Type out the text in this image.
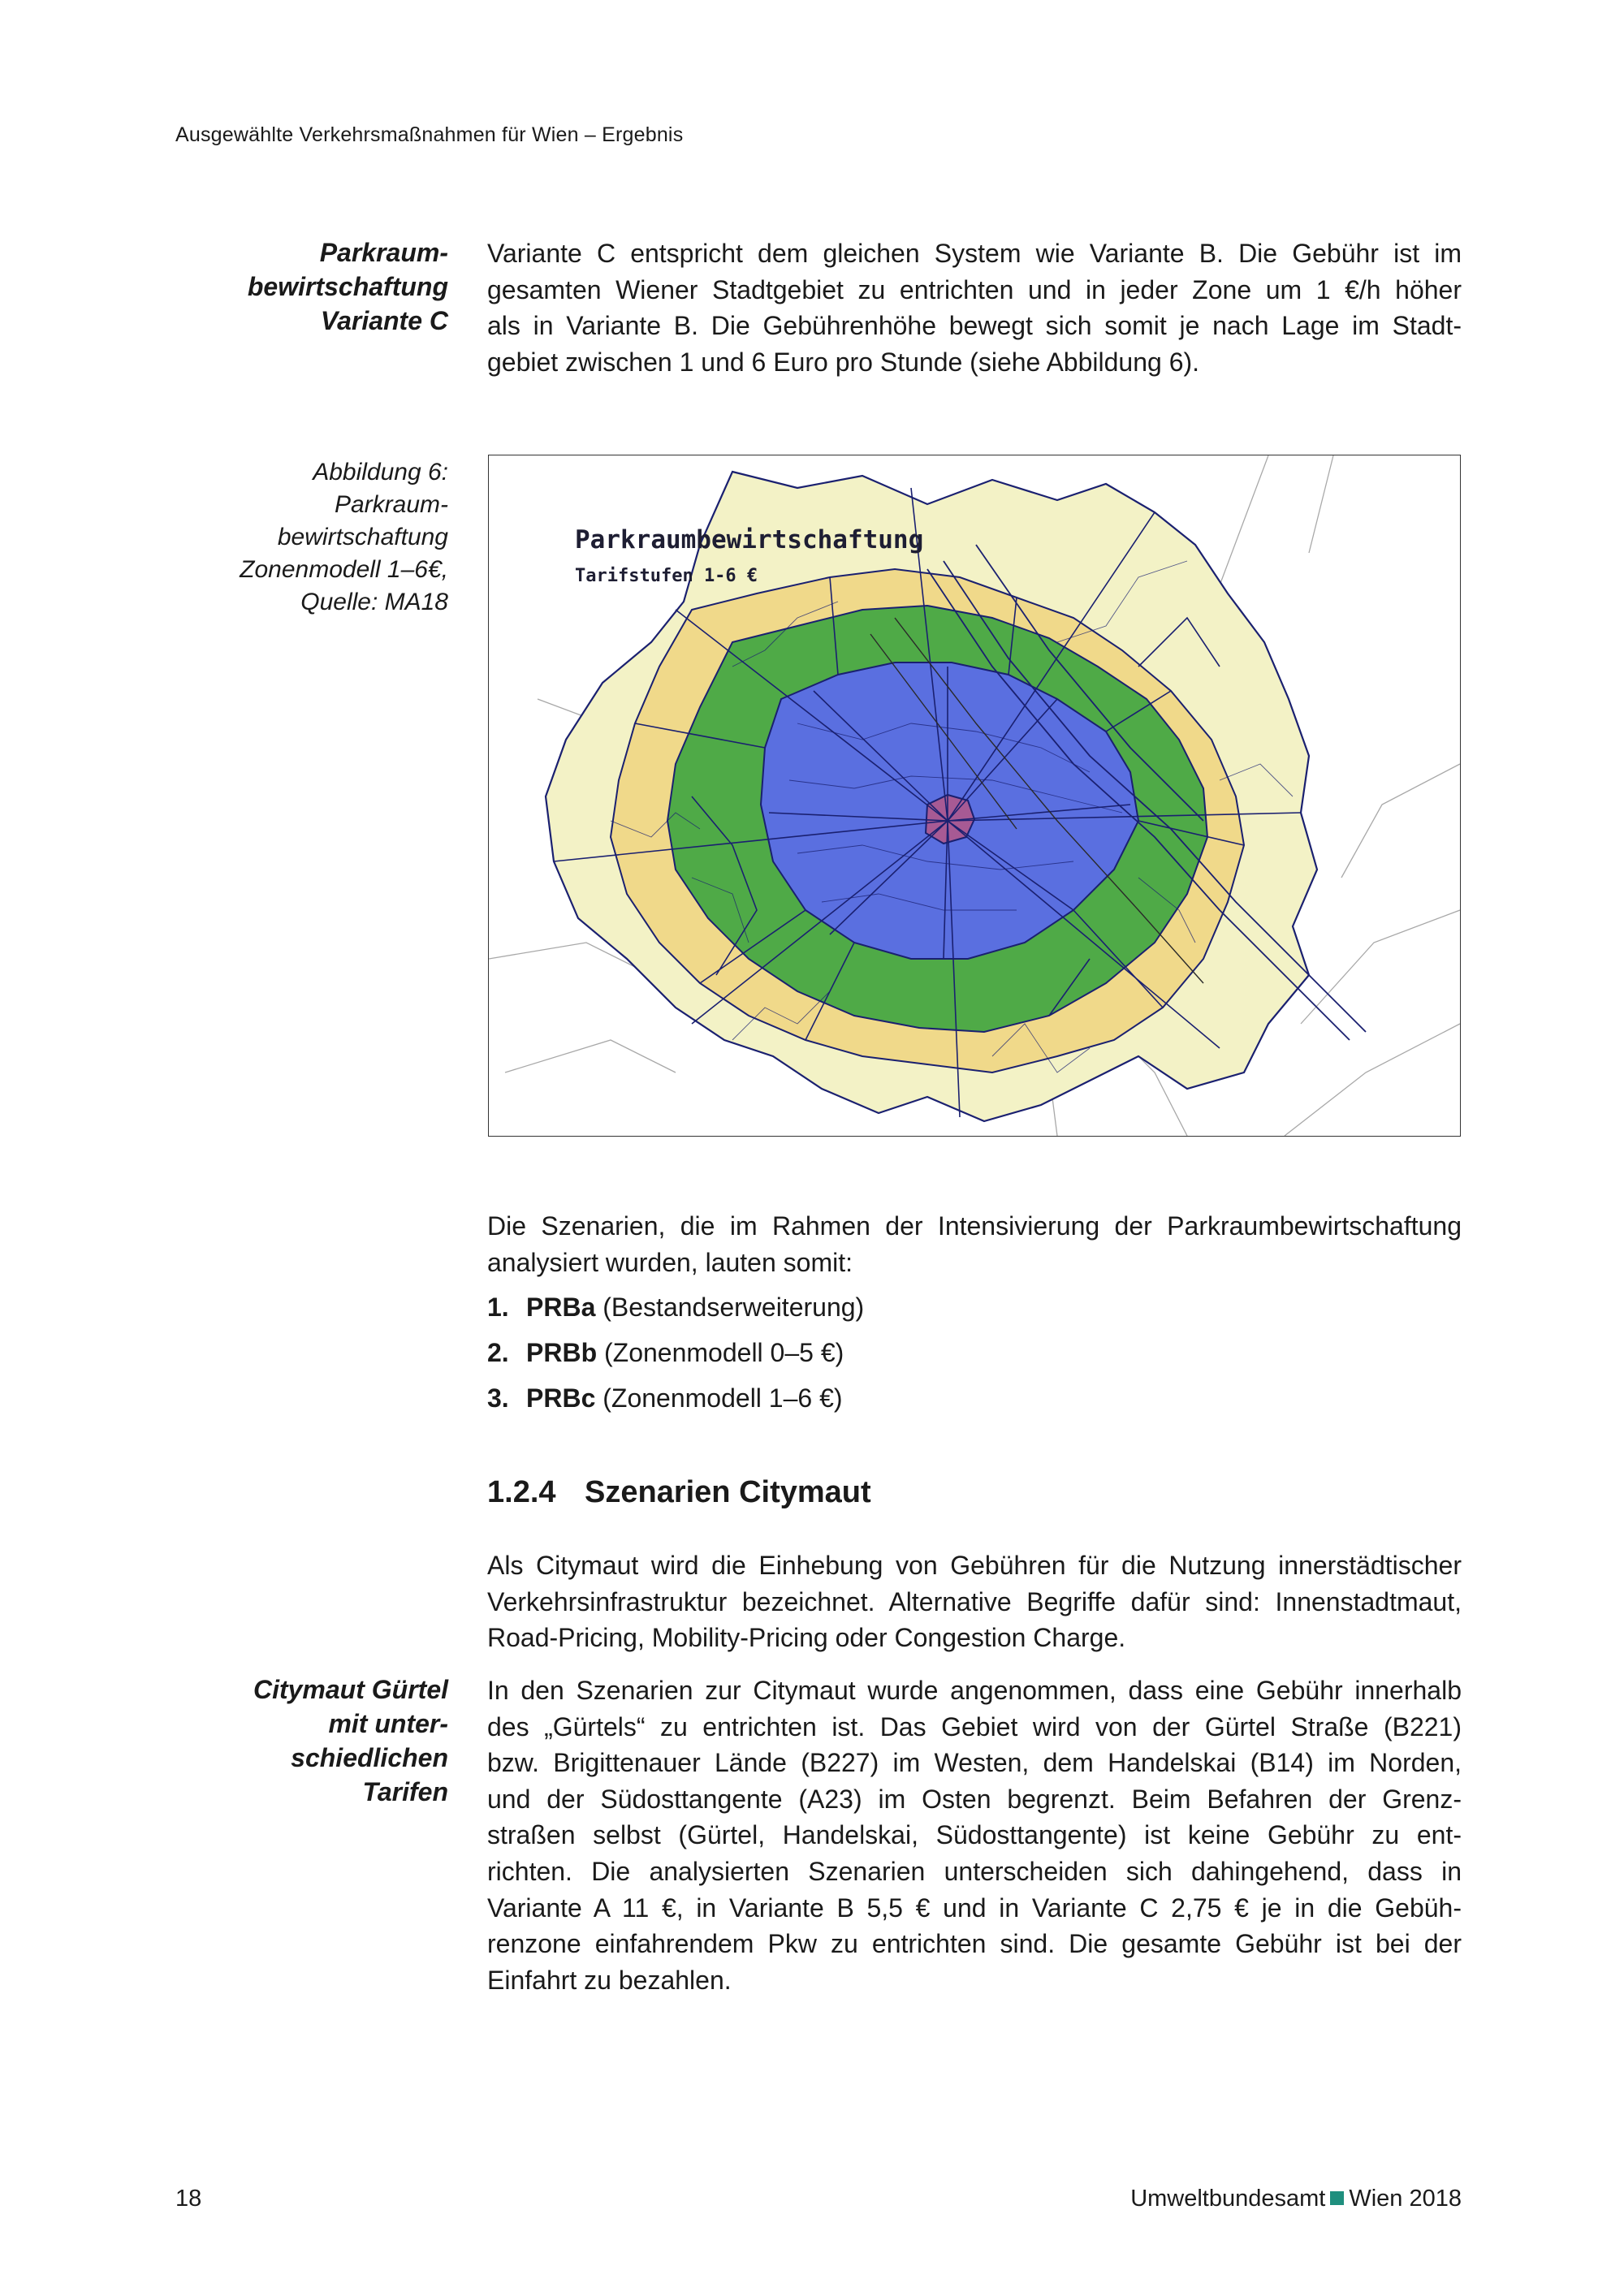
Ausgewählte Verkehrsmaßnahmen für Wien – Ergebnis
Parkraum-
bewirtschaftung
Variante C

Variante C entspricht dem gleichen System wie Variante B. Die Gebühr ist im
gesamten Wiener Stadtgebiet zu entrichten und in jeder Zone um 1 €/h höher
als in Variante B. Die Gebührenhöhe bewegt sich somit je nach Lage im Stadt-
gebiet zwischen 1 und 6 Euro pro Stunde (siehe Abbildung 6).

Abbildung 6:
Parkraum-
bewirtschaftung
Zonenmodell 1–6€,
Quelle: MA18
Parkraumbewirtschaftung
Tarifstufen 1-6 €

Die Szenarien, die im Rahmen der Intensivierung der Parkraumbewirtschaftung
analysiert wurden, lauten somit:

1. PRBa (Bestandserweiterung)
2. PRBb (Zonenmodell 0–5 €)
3. PRBc (Zonenmodell 1–6 €)
1.2.4 Szenarien Citymaut

Als Citymaut wird die Einhebung von Gebühren für die Nutzung innerstädtischer
Verkehrsinfrastruktur bezeichnet. Alternative Begriffe dafür sind: Innenstadtmaut,
Road-Pricing, Mobility-Pricing oder Congestion Charge.

Citymaut Gürtel
mit unter-
schiedlichen
Tarifen

In den Szenarien zur Citymaut wurde angenommen, dass eine Gebühr innerhalb
des „Gürtels“ zu entrichten ist. Das Gebiet wird von der Gürtel Straße (B221)
bzw. Brigittenauer Lände (B227) im Westen, dem Handelskai (B14) im Norden,
und der Südosttangente (A23) im Osten begrenzt. Beim Befahren der Grenz-
straßen selbst (Gürtel, Handelskai, Südosttangente) ist keine Gebühr zu ent-
richten. Die analysierten Szenarien unterscheiden sich dahingehend, dass in
Variante A 11 €, in Variante B 5,5 € und in Variante C 2,75 € je in die Gebüh-
renzone einfahrendem Pkw zu entrichten sind. Die gesamte Gebühr ist bei der
Einfahrt zu bezahlen.

18	Umweltbundesamt Wien 2018
